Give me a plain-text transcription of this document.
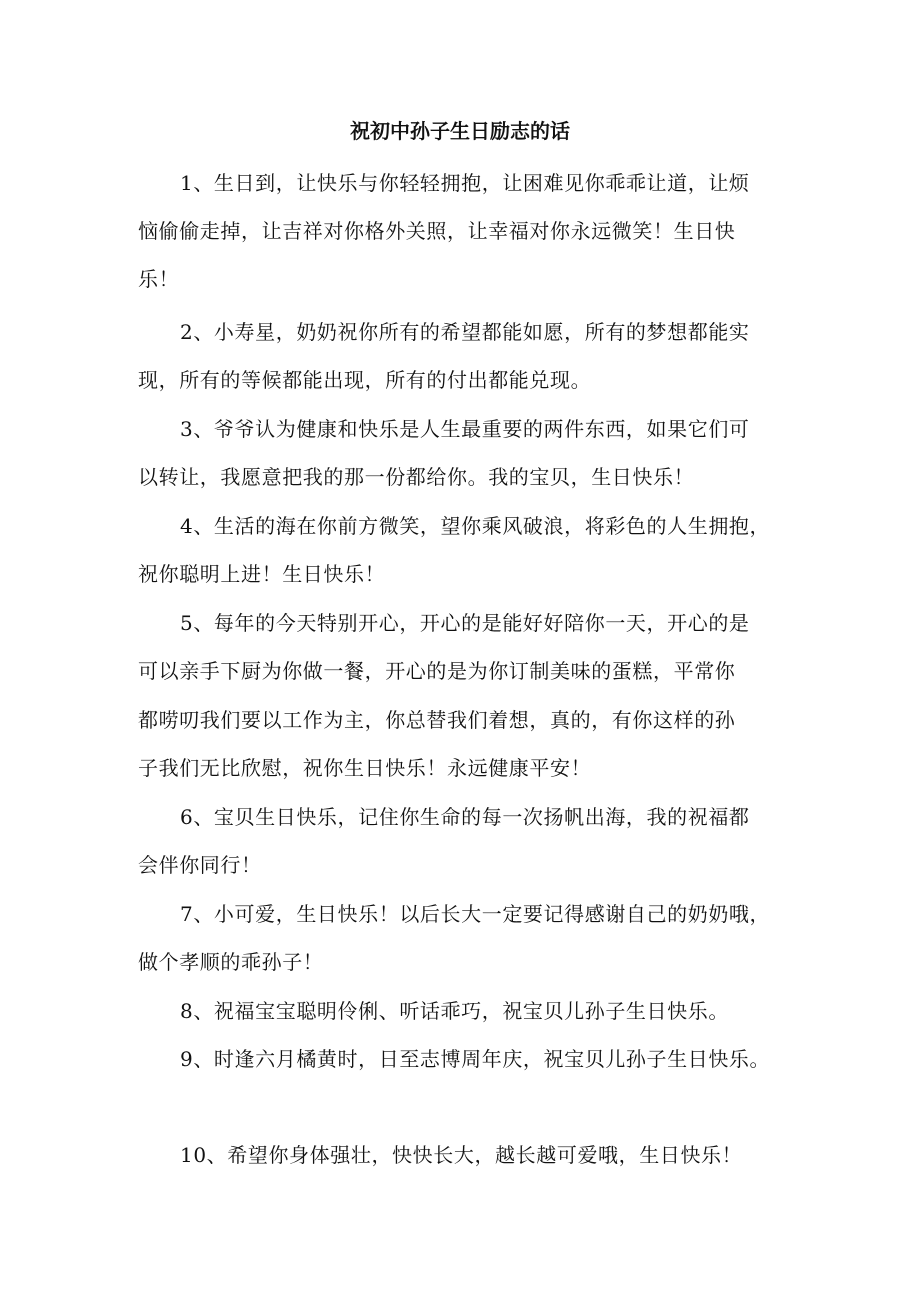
祝初中孙子生日励志的话
1、生日到，让快乐与你轻轻拥抱，让困难见你乖乖让道，让烦
恼偷偷走掉，让吉祥对你格外关照，让幸福对你永远微笑！生日快
乐！
2、小寿星，奶奶祝你所有的希望都能如愿，所有的梦想都能实
现，所有的等候都能出现，所有的付出都能兑现。
3、爷爷认为健康和快乐是人生最重要的两件东西，如果它们可
以转让，我愿意把我的那一份都给你。我的宝贝，生日快乐！
4、生活的海在你前方微笑，望你乘风破浪，将彩色的人生拥抱，
祝你聪明上进！生日快乐！
5、每年的今天特别开心，开心的是能好好陪你一天，开心的是
可以亲手下厨为你做一餐，开心的是为你订制美味的蛋糕，平常你
都唠叨我们要以工作为主，你总替我们着想，真的，有你这样的孙
子我们无比欣慰，祝你生日快乐！永远健康平安！
6、宝贝生日快乐，记住你生命的每一次扬帆出海，我的祝福都
会伴你同行！
7、小可爱，生日快乐！以后长大一定要记得感谢自己的奶奶哦，
做个孝顺的乖孙子！
8、祝福宝宝聪明伶俐、听话乖巧，祝宝贝儿孙子生日快乐。
9、时逢六月橘黄时，日至志博周年庆，祝宝贝儿孙子生日快乐。
10、希望你身体强壮，快快长大，越长越可爱哦，生日快乐！
